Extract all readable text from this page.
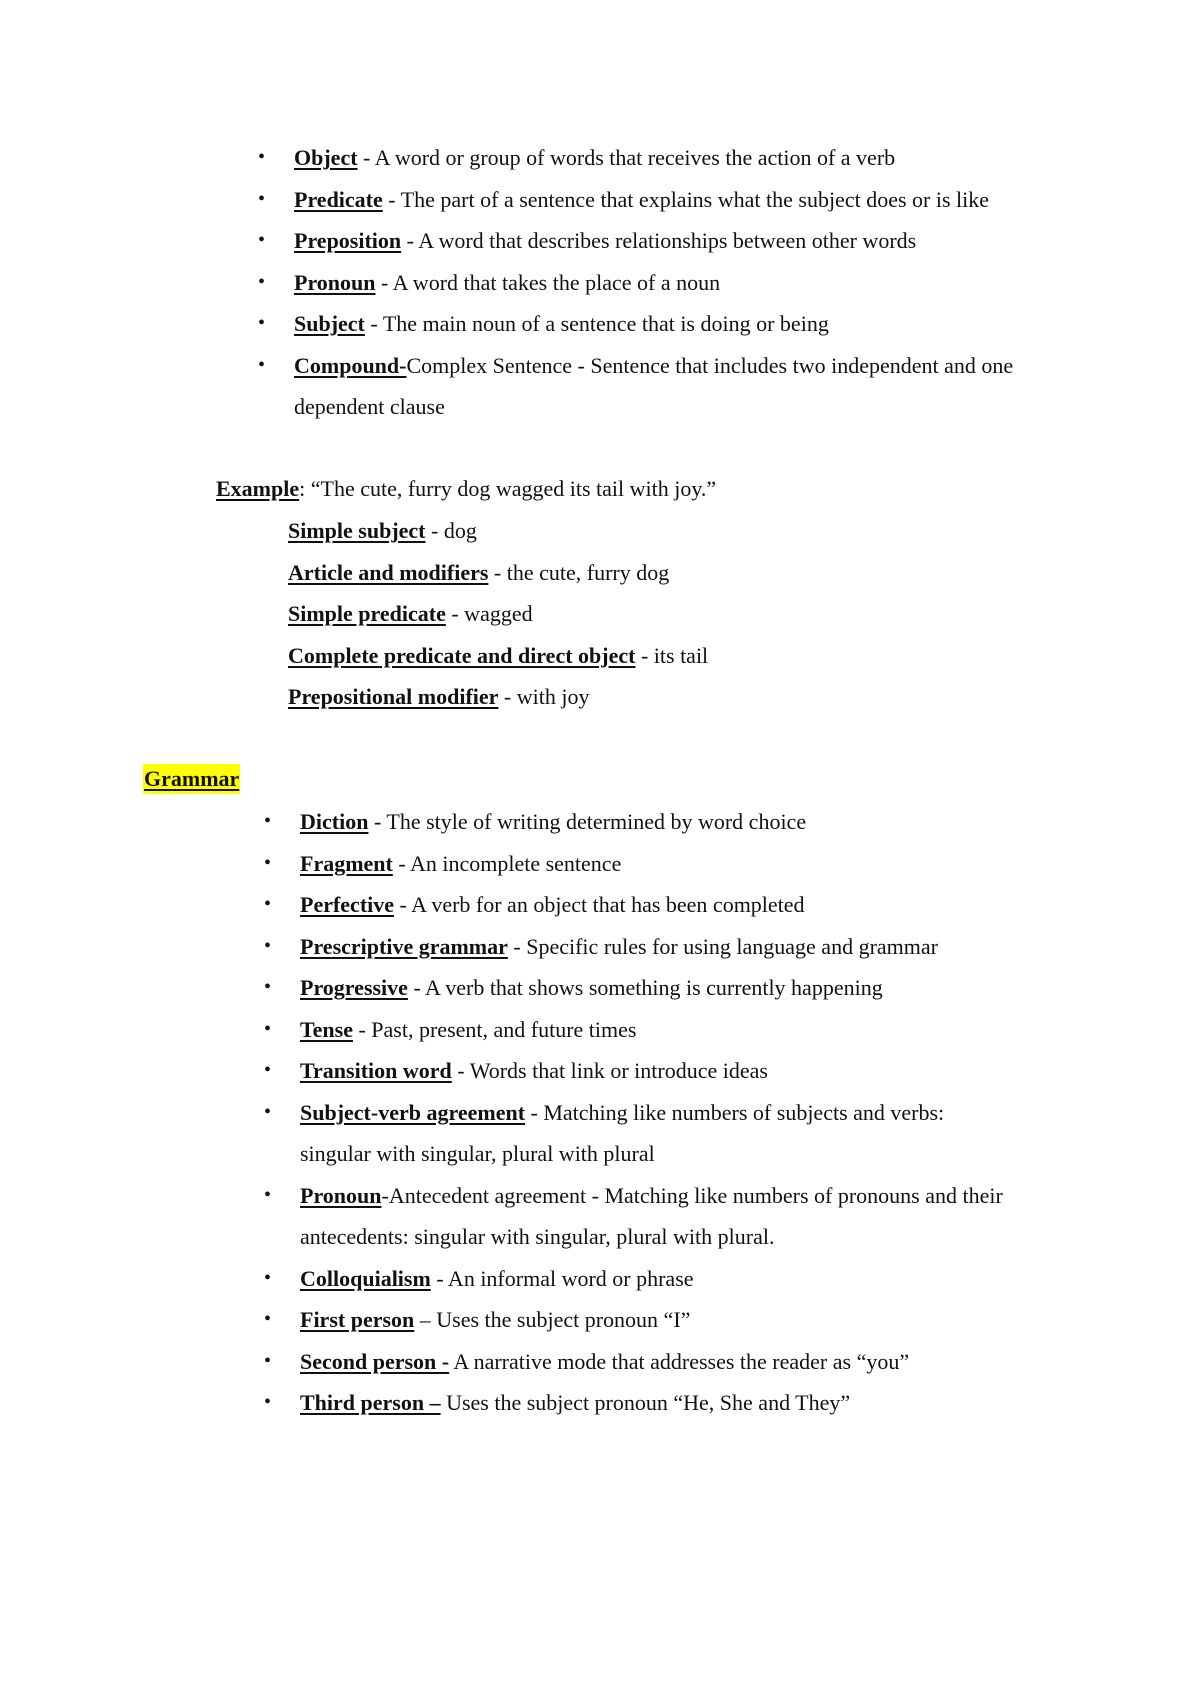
• Object - A word or group of words that receives the action of a verb
• Predicate - The part of a sentence that explains what the subject does or is like
• Preposition - A word that describes relationships between other words
• Pronoun - A word that takes the place of a noun
• Subject - The main noun of a sentence that is doing or being
• Compound-Complex Sentence - Sentence that includes two independent and one
dependent clause
Example: “The cute, furry dog wagged its tail with joy.”
Simple subject - dog
Article and modifiers - the cute, furry dog
Simple predicate - wagged
Complete predicate and direct object - its tail
Prepositional modifier - with joy
Grammar
• Diction - The style of writing determined by word choice
• Fragment - An incomplete sentence
• Perfective - A verb for an object that has been completed
• Prescriptive grammar - Specific rules for using language and grammar
• Progressive - A verb that shows something is currently happening
• Tense - Past, present, and future times
• Transition word - Words that link or introduce ideas
• Subject-verb agreement - Matching like numbers of subjects and verbs:
singular with singular, plural with plural
• Pronoun-Antecedent agreement - Matching like numbers of pronouns and their
antecedents: singular with singular, plural with plural.
• Colloquialism - An informal word or phrase
• First person – Uses the subject pronoun “I”
• Second person - A narrative mode that addresses the reader as “you”
• Third person – Uses the subject pronoun “He, She and They”
